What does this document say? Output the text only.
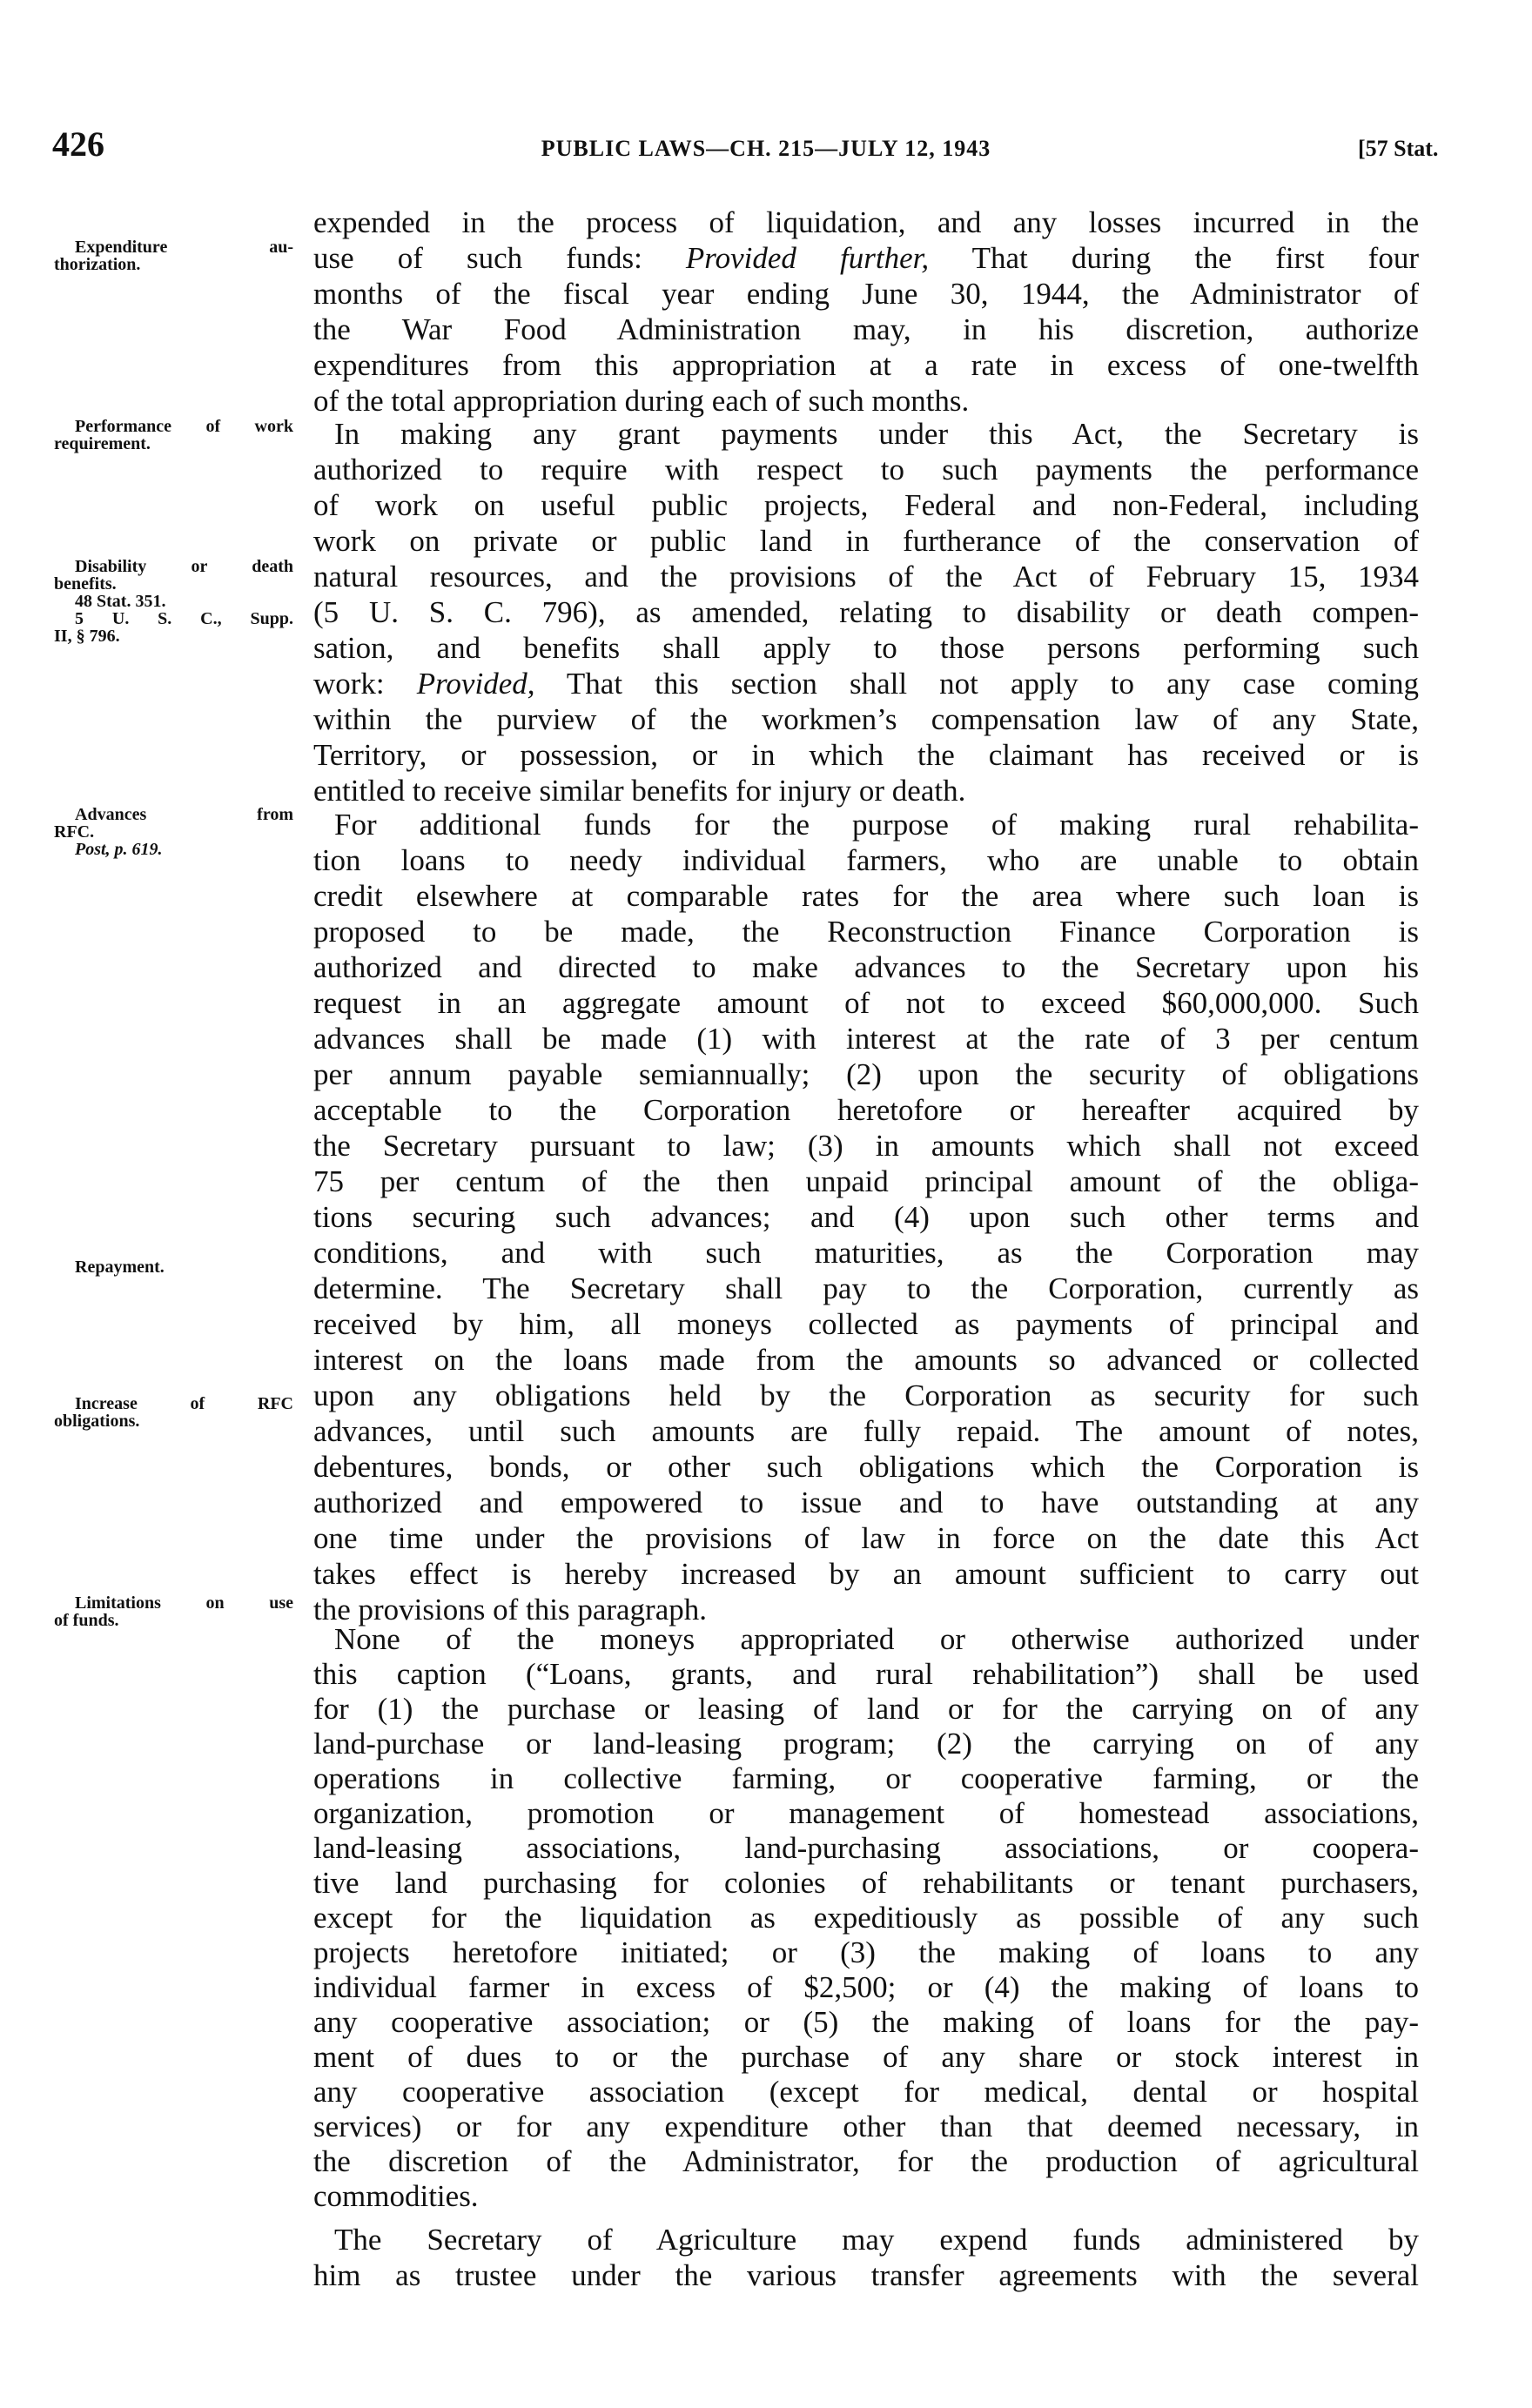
426	PUBLIC LAWS—CH. 215—JULY 12, 1943	[57 Stat.
Expenditure au-
thorization.
Performance of work
requirement.
Disability or death
benefits.
48 Stat. 351.
5 U. S. C., Supp.
II, § 796.
Advances from
RFC.
Post, p. 619.
Repayment.
Increase of RFC
obligations.
Limitations on use
of funds.
expended in the process of liquidation, and any losses incurred in the
use of such funds: Provided further, That during the first four
months of the fiscal year ending June 30, 1944, the Administrator of
the War Food Administration may, in his discretion, authorize
expenditures from this appropriation at a rate in excess of one-twelfth
of the total appropriation during each of such months.
In making any grant payments under this Act, the Secretary is
authorized to require with respect to such payments the performance
of work on useful public projects, Federal and non-Federal, including
work on private or public land in furtherance of the conservation of
natural resources, and the provisions of the Act of February 15, 1934
(5 U. S. C. 796), as amended, relating to disability or death compen-
sation, and benefits shall apply to those persons performing such
work: Provided, That this section shall not apply to any case coming
within the purview of the workmen’s compensation law of any State,
Territory, or possession, or in which the claimant has received or is
entitled to receive similar benefits for injury or death.
For additional funds for the purpose of making rural rehabilita-
tion loans to needy individual farmers, who are unable to obtain
credit elsewhere at comparable rates for the area where such loan is
proposed to be made, the Reconstruction Finance Corporation is
authorized and directed to make advances to the Secretary upon his
request in an aggregate amount of not to exceed $60,000,000. Such
advances shall be made (1) with interest at the rate of 3 per centum
per annum payable semiannually; (2) upon the security of obligations
acceptable to the Corporation heretofore or hereafter acquired by
the Secretary pursuant to law; (3) in amounts which shall not exceed
75 per centum of the then unpaid principal amount of the obliga-
tions securing such advances; and (4) upon such other terms and
conditions, and with such maturities, as the Corporation may
determine. The Secretary shall pay to the Corporation, currently as
received by him, all moneys collected as payments of principal and
interest on the loans made from the amounts so advanced or collected
upon any obligations held by the Corporation as security for such
advances, until such amounts are fully repaid. The amount of notes,
debentures, bonds, or other such obligations which the Corporation is
authorized and empowered to issue and to have outstanding at any
one time under the provisions of law in force on the date this Act
takes effect is hereby increased by an amount sufficient to carry out
the provisions of this paragraph.
None of the moneys appropriated or otherwise authorized under
this caption (“Loans, grants, and rural rehabilitation”) shall be used
for (1) the purchase or leasing of land or for the carrying on of any
land-purchase or land-leasing program; (2) the carrying on of any
operations in collective farming, or cooperative farming, or the
organization, promotion or management of homestead associations,
land-leasing associations, land-purchasing associations, or coopera-
tive land purchasing for colonies of rehabilitants or tenant purchasers,
except for the liquidation as expeditiously as possible of any such
projects heretofore initiated; or (3) the making of loans to any
individual farmer in excess of $2,500; or (4) the making of loans to
any cooperative association; or (5) the making of loans for the pay-
ment of dues to or the purchase of any share or stock interest in
any cooperative association (except for medical, dental or hospital
services) or for any expenditure other than that deemed necessary, in
the discretion of the Administrator, for the production of agricultural
commodities.
The Secretary of Agriculture may expend funds administered by
him as trustee under the various transfer agreements with the several
